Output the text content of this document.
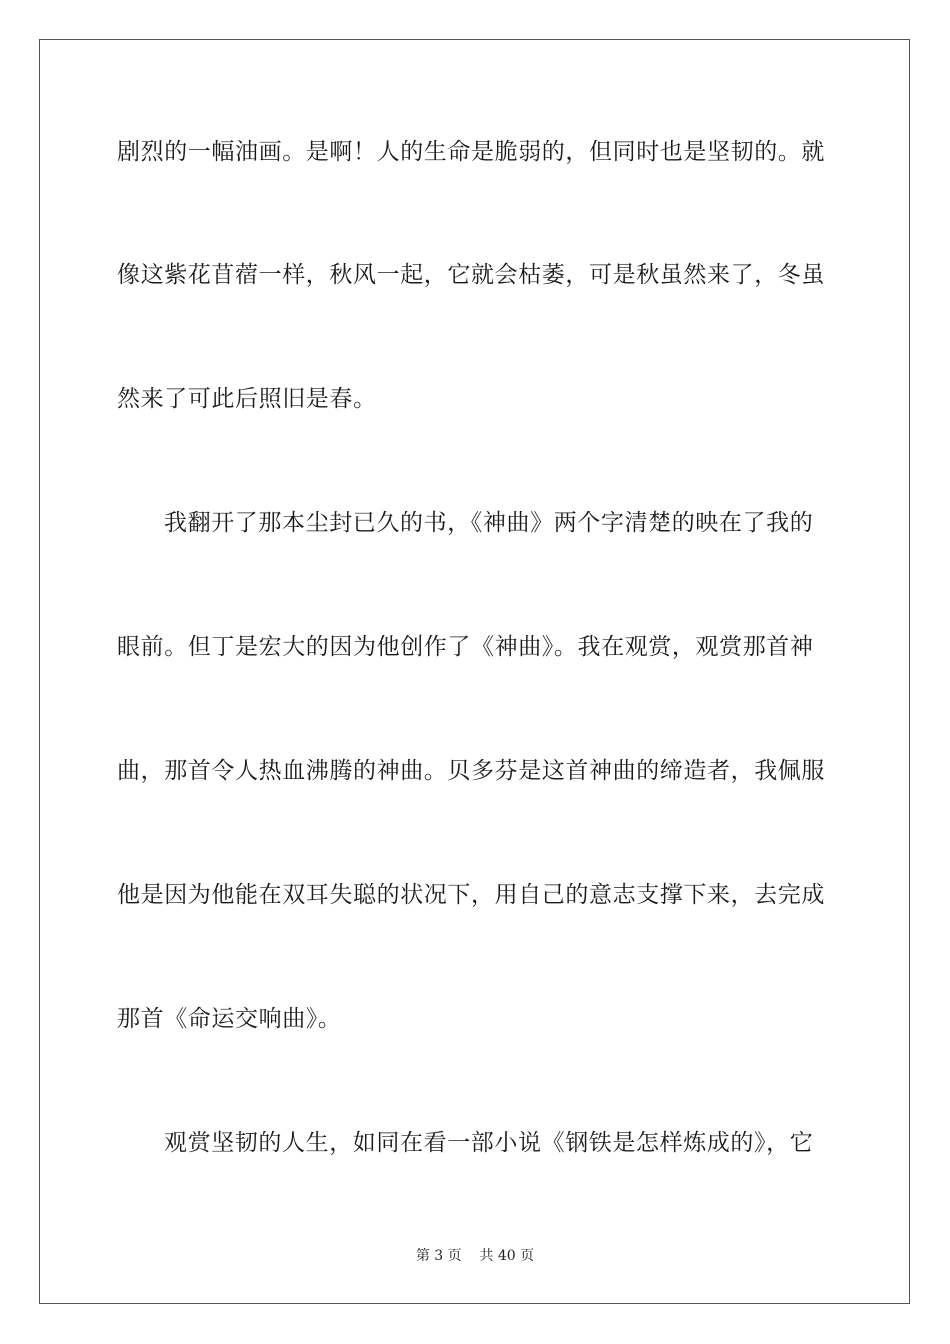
剧烈的一幅油画。是啊！人的生命是脆弱的，但同时也是坚韧的。就
像这紫花苜蓿一样，秋风一起，它就会枯萎，可是秋虽然来了，冬虽
然来了可此后照旧是春。
我翻开了那本尘封已久的书，《神曲》两个字清楚的映在了我的
眼前。但丁是宏大的因为他创作了《神曲》。我在观赏，观赏那首神
曲，那首令人热血沸腾的神曲。贝多芬是这首神曲的缔造者，我佩服
他是因为他能在双耳失聪的状况下，用自己的意志支撑下来，去完成
那首《命运交响曲》。
观赏坚韧的人生，如同在看一部小说《钢铁是怎样炼成的》，它
第 3 页 共 40 页
